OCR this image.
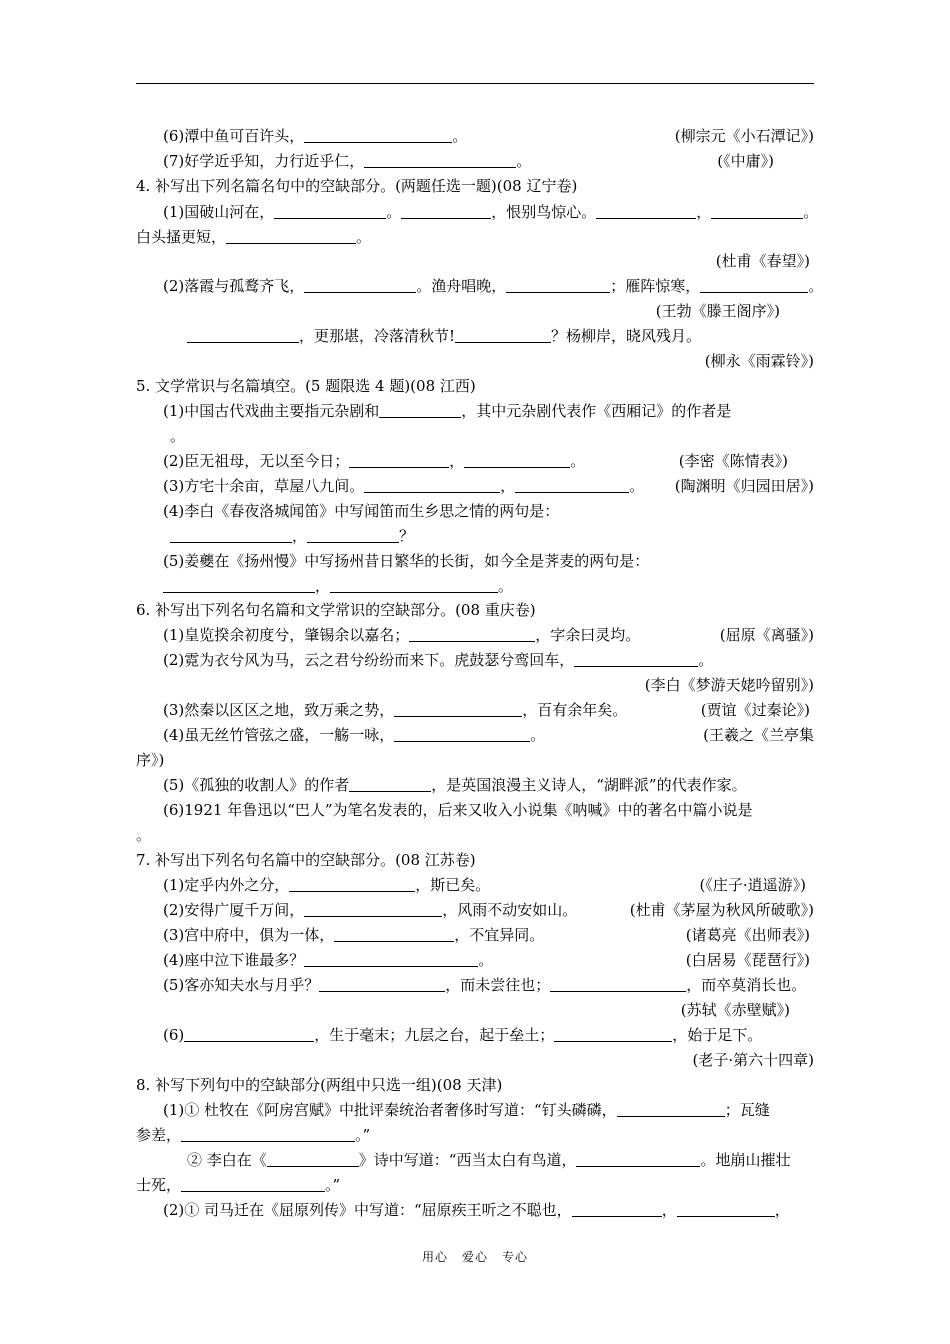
(6)潭中鱼可百许头，	。	(柳宗元《小石潭记》)
(7)好学近乎知，力行近乎仁，	。	(《中庸》)
4. 补写出下列名篇名句中的空缺部分。(两题任选一题)(08 辽宁卷)
(1)国破山河在，	。	，恨别鸟惊心。	，	。
白头搔更短，	。
(杜甫《春望》)
(2)落霞与孤鹜齐飞，	。渔舟唱晚，	；雁阵惊寒，	。
(王勃《滕王阁序》)
，更那堪，冷落清秋节!	？杨柳岸，晓风残月。
(柳永《雨霖铃》)
5. 文学常识与名篇填空。(5 题限选 4 题)(08 江西)
(1)中国古代戏曲主要指元杂剧和	，其中元杂剧代表作《西厢记》的作者是
。
(2)臣无祖母，无以至今日；	，	。	(李密《陈情表》)
(3)方宅十余亩，草屋八九间。	，	。 (陶渊明《归园田居》)
(4)李白《春夜洛城闻笛》中写闻笛而生乡思之情的两句是：
，	？
(5)姜夔在《扬州慢》中写扬州昔日繁华的长街，如今全是荠麦的两句是：
，	。
6. 补写出下列名句名篇和文学常识的空缺部分。(08 重庆卷)
(1)皇览揆余初度兮，肇锡余以嘉名；	，字余曰灵均。	(屈原《离骚》)
(2)霓为衣兮风为马，云之君兮纷纷而来下。虎鼓瑟兮鸾回车，	。
(李白《梦游天姥吟留别》)
(3)然秦以区区之地，致万乘之势，	，百有余年矣。	(贾谊《过秦论》)
(4)虽无丝竹管弦之盛，一觞一咏，	。	(王羲之《兰亭集
序》)
(5)《孤独的收割人》的作者	，是英国浪漫主义诗人，“湖畔派”的代表作家。
(6)1921 年鲁迅以“巴人”为笔名发表的，后来又收入小说集《呐喊》中的著名中篇小说是
。
7. 补写出下列名句名篇中的空缺部分。(08 江苏卷)
(1)定乎内外之分，	，斯已矣。	(《庄子·逍遥游》)
(2)安得广厦千万间，	，风雨不动安如山。	(杜甫《茅屋为秋风所破歌》)
(3)宫中府中，俱为一体，	，不宜异同。	(诸葛亮《出师表》)
(4)座中泣下谁最多？	。	(白居易《琵琶行》)
(5)客亦知夫水与月乎？	，而未尝往也；	，而卒莫消长也。
(苏轼《赤壁赋》)
(6)	，生于毫末；九层之台，起于垒土；	，始于足下。
(老子·第六十四章)
8. 补写下列句中的空缺部分(两组中只选一组)(08 天津)
(1)① 杜牧在《阿房宫赋》中批评秦统治者奢侈时写道：“钉头磷磷，	；瓦缝
参差，	。”
② 李白在《	》诗中写道：“西当太白有鸟道，	。地崩山摧壮
士死，	。”
(2)① 司马迁在《屈原列传》中写道：“屈原疾王听之不聪也，	，	，
用心 爱心 专心
